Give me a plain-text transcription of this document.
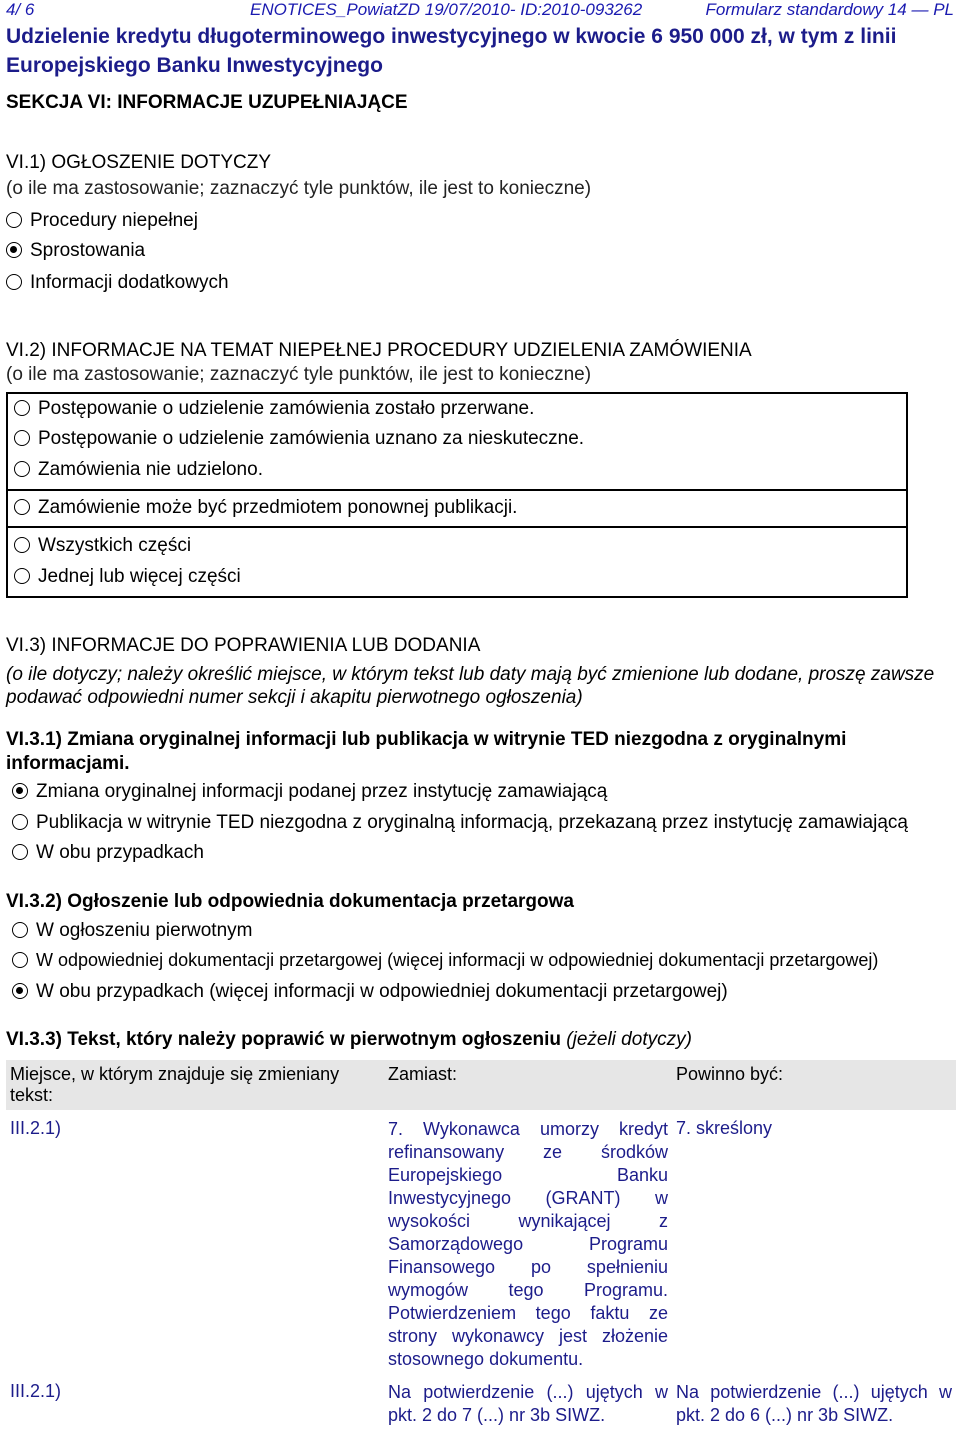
4/ 6	ENOTICES_PowiatZD 19/07/2010- ID:2010-093262	Formularz standardowy 14 — PL
Udzielenie kredytu długoterminowego inwestycyjnego w kwocie 6 950 000 zł, w tym z linii Europejskiego Banku Inwestycyjnego
SEKCJA VI: INFORMACJE UZUPEŁNIAJĄCE
VI.1) OGŁOSZENIE DOTYCZY
(o ile ma zastosowanie; zaznaczyć tyle punktów, ile jest to konieczne)
Procedury niepełnej
Sprostowania
Informacji dodatkowych
VI.2) INFORMACJE NA TEMAT NIEPEŁNEJ PROCEDURY UDZIELENIA ZAMÓWIENIA
(o ile ma zastosowanie; zaznaczyć tyle punktów, ile jest to konieczne)
Postępowanie o udzielenie zamówienia zostało przerwane.
Postępowanie o udzielenie zamówienia uznano za nieskuteczne.
Zamówienia nie udzielono.
Zamówienie może być przedmiotem ponownej publikacji.
Wszystkich części
Jednej lub więcej części
VI.3) INFORMACJE DO POPRAWIENIA LUB DODANIA
(o ile dotyczy; należy określić miejsce, w którym tekst lub daty mają być zmienione lub dodane, proszę zawsze
podawać odpowiedni numer sekcji i akapitu pierwotnego ogłoszenia)
VI.3.1) Zmiana oryginalnej informacji lub publikacja w witrynie TED niezgodna z oryginalnymi
informacjami.
Zmiana oryginalnej informacji podanej przez instytucję zamawiającą
Publikacja w witrynie TED niezgodna z oryginalną informacją, przekazaną przez instytucję zamawiającą
W obu przypadkach
VI.3.2) Ogłoszenie lub odpowiednia dokumentacja przetargowa
W ogłoszeniu pierwotnym
W odpowiedniej dokumentacji przetargowej (więcej informacji w odpowiedniej dokumentacji przetargowej)
W obu przypadkach (więcej informacji w odpowiedniej dokumentacji przetargowej)
VI.3.3) Tekst, który należy poprawić w pierwotnym ogłoszeniu (jeżeli dotyczy)
Miejsce, w którym znajduje się zmieniany tekst:	Zamiast:	Powinno być:
III.2.1)	7. Wykonawca umorzy kredyt refinansowany ze środków Europejskiego Banku Inwestycyjnego (GRANT) w wysokości wynikającej z Samorządowego Programu Finansowego po spełnieniu wymogów tego Programu. Potwierdzeniem tego faktu ze strony wykonawcy jest złożenie stosownego dokumentu.	7. skreślony
III.2.1)	Na potwierdzenie (...) ujętych w pkt. 2 do 7 (...) nr 3b SIWZ.	Na potwierdzenie (...) ujętych w pkt. 2 do 6 (...) nr 3b SIWZ.
